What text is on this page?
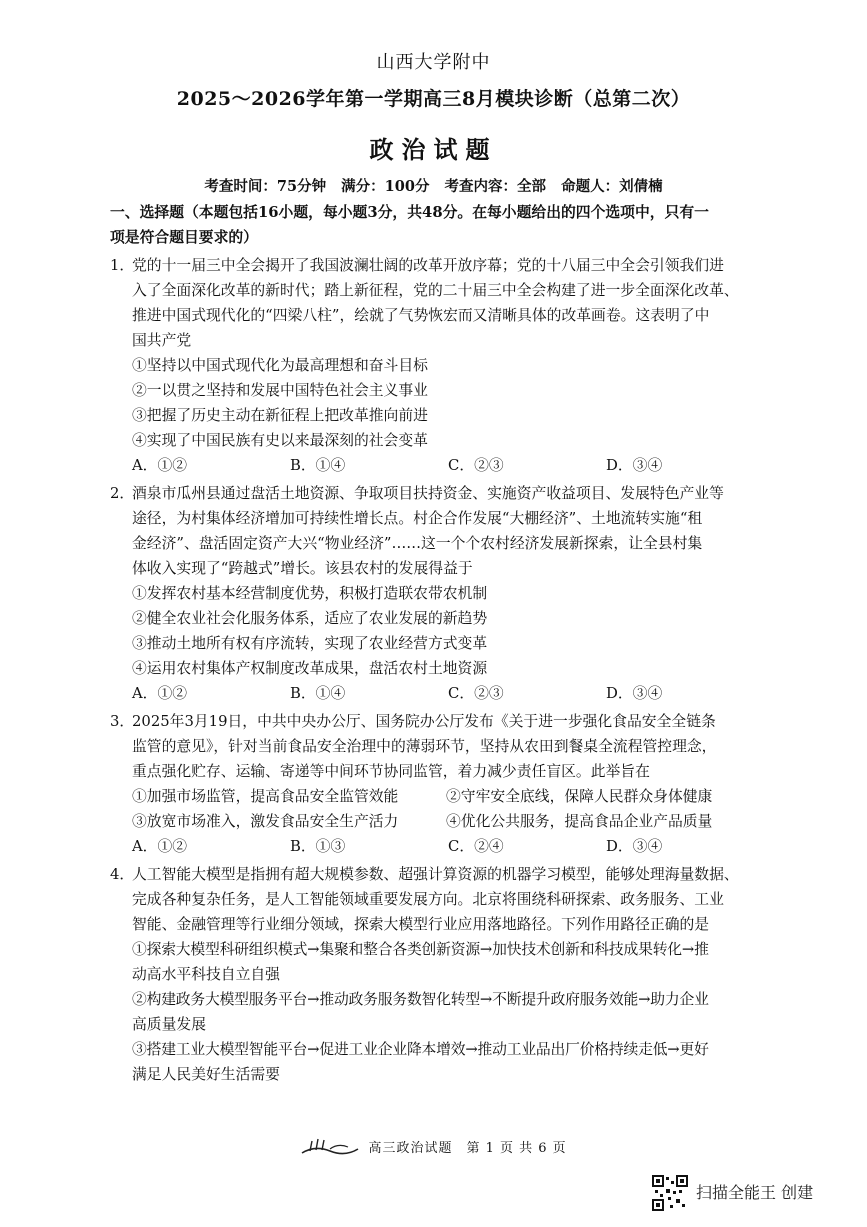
山西大学附中
2025～2026学年第一学期高三8月模块诊断（总第二次）
政治试题
考查时间：75分钟 满分：100分 考查内容：全部 命题人：刘倩楠
一、选择题（本题包括16小题，每小题3分，共48分。在每小题给出的四个选项中，只有一
项是符合题目要求的）
1．党的十一届三中全会揭开了我国波澜壮阔的改革开放序幕；党的十八届三中全会引领我们进
入了全面深化改革的新时代；踏上新征程，党的二十届三中全会构建了进一步全面深化改革、
推进中国式现代化的“四梁八柱”，绘就了气势恢宏而又清晰具体的改革画卷。这表明了中
国共产党
①坚持以中国式现代化为最高理想和奋斗目标
②一以贯之坚持和发展中国特色社会主义事业
③把握了历史主动在新征程上把改革推向前进
④实现了中国民族有史以来最深刻的社会变革
A．①②	B．①④	C．②③	D．③④
2．酒泉市瓜州县通过盘活土地资源、争取项目扶持资金、实施资产收益项目、发展特色产业等
途径，为村集体经济增加可持续性增长点。村企合作发展“大棚经济”、土地流转实施“租
金经济”、盘活固定资产大兴“物业经济”……这一个个农村经济发展新探索，让全县村集
体收入实现了“跨越式”增长。该县农村的发展得益于
①发挥农村基本经营制度优势，积极打造联农带农机制
②健全农业社会化服务体系，适应了农业发展的新趋势
③推动土地所有权有序流转，实现了农业经营方式变革
④运用农村集体产权制度改革成果，盘活农村土地资源
A．①②	B．①④	C．②③	D．③④
3．2025年3月19日，中共中央办公厅、国务院办公厅发布《关于进一步强化食品安全全链条
监管的意见》，针对当前食品安全治理中的薄弱环节，坚持从农田到餐桌全流程管控理念，
重点强化贮存、运输、寄递等中间环节协同监管，着力减少责任盲区。此举旨在
①加强市场监管，提高食品安全监管效能	②守牢安全底线，保障人民群众身体健康
③放宽市场准入，激发食品安全生产活力	④优化公共服务，提高食品企业产品质量
A．①②	B．①③	C．②④	D．③④
4．人工智能大模型是指拥有超大规模参数、超强计算资源的机器学习模型，能够处理海量数据、
完成各种复杂任务，是人工智能领域重要发展方向。北京将围绕科研探索、政务服务、工业
智能、金融管理等行业细分领域，探索大模型行业应用落地路径。下列作用路径正确的是
①探索大模型科研组织模式→集聚和整合各类创新资源→加快技术创新和科技成果转化→推
动高水平科技自立自强
②构建政务大模型服务平台→推动政务服务数智化转型→不断提升政府服务效能→助力企业
高质量发展
③搭建工业大模型智能平台→促进工业企业降本增效→推动工业品出厂价格持续走低→更好
满足人民美好生活需要
高三政治试题　第 1 页 共 6 页
扫描全能王 创建
